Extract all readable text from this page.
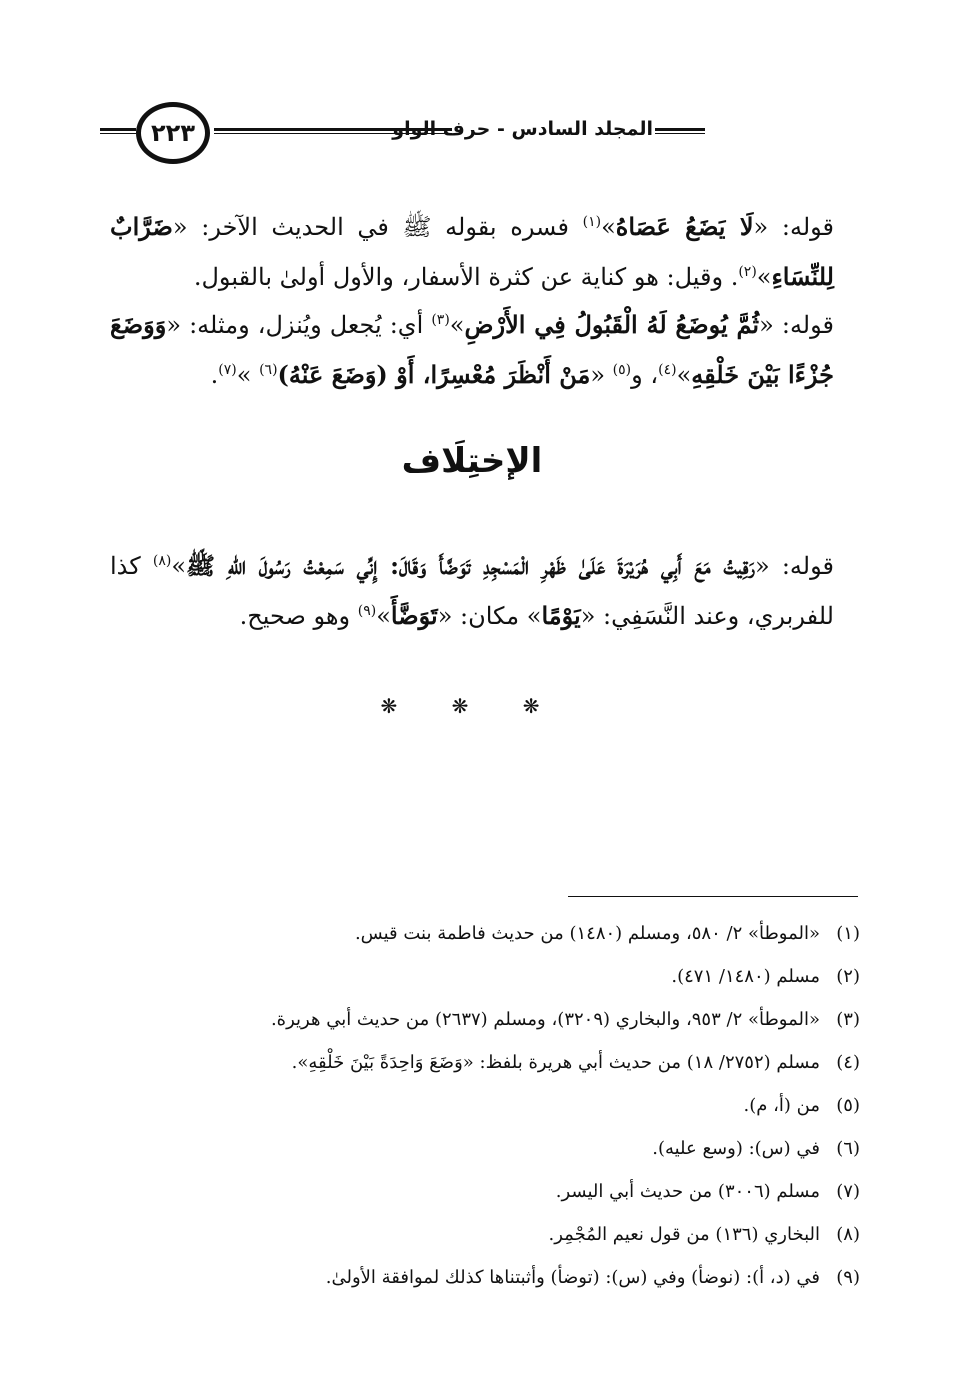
المجلد السادس - حرف الواو
٢٢٣

قوله: «لَا يَضَعُ عَصَاهُ»$^{(١)}$ فسره بقوله ﷺ في الحديث الآخر: «ضَرَّابٌ لِلنِّسَاءِ»$^{(٢)}$. وقيل: هو كناية عن كثرة الأسفار، والأول أولىٰ بالقبول.

قوله: «ثُمَّ يُوضَعُ لَهُ الْقَبُولُ فِي الأَرْضِ»$^{(٣)}$ أي: يُجعل ويُنزل، ومثله: «وَوَضَعَ جُزْءًا بَيْنَ خَلْقِهِ»$^{(٤)}$، و$^{(٥)}$ «مَنْ أَنْظَرَ مُعْسِرًا، أَوْ (وَضَعَ عَنْهُ)$^{(٦)}$ »$^{(٧)}$.

الإختِلَاف

قوله: «رَقِيتُ مَعَ أَبِي هُرَيْرَةَ عَلَىٰ ظَهْرِ الْمَسْجِدِ تَوَضَّأَ وَقَالَ: إِنِّي سَمِعْتُ رَسُولَ اللهِ ﷺ»$^{(٨)}$ كذا للفربري، وعند النَّسَفِي: «يَوْمًا» مكان: «تَوَضَّأَ»$^{(٩)}$ وهو صحيح.

❋ ❋ ❋
(١)«الموطأ» ٢/ ٥٨٠، ومسلم (١٤٨٠) من حديث فاطمة بنت قيس.
(٢)مسلم (١٤٨٠/ ٤٧١).
(٣)«الموطأ» ٢/ ٩٥٣، والبخاري (٣٢٠٩)، ومسلم (٢٦٣٧) من حديث أبي هريرة.
(٤)مسلم (٢٧٥٢/ ١٨) من حديث أبي هريرة بلفظ: «وَضَعَ وَاحِدَةً بَيْنَ خَلْقِهِ».
(٥)من (أ، م).
(٦)في (س): (وسع عليه).
(٧)مسلم (٣٠٠٦) من حديث أبي اليسر.
(٨)البخاري (١٣٦) من قول نعيم المُجْمِر.
(٩)في (د، أ): (نوضأ) وفي (س): (توضأ) وأثبتناها كذلك لموافقة الأولىٰ.
